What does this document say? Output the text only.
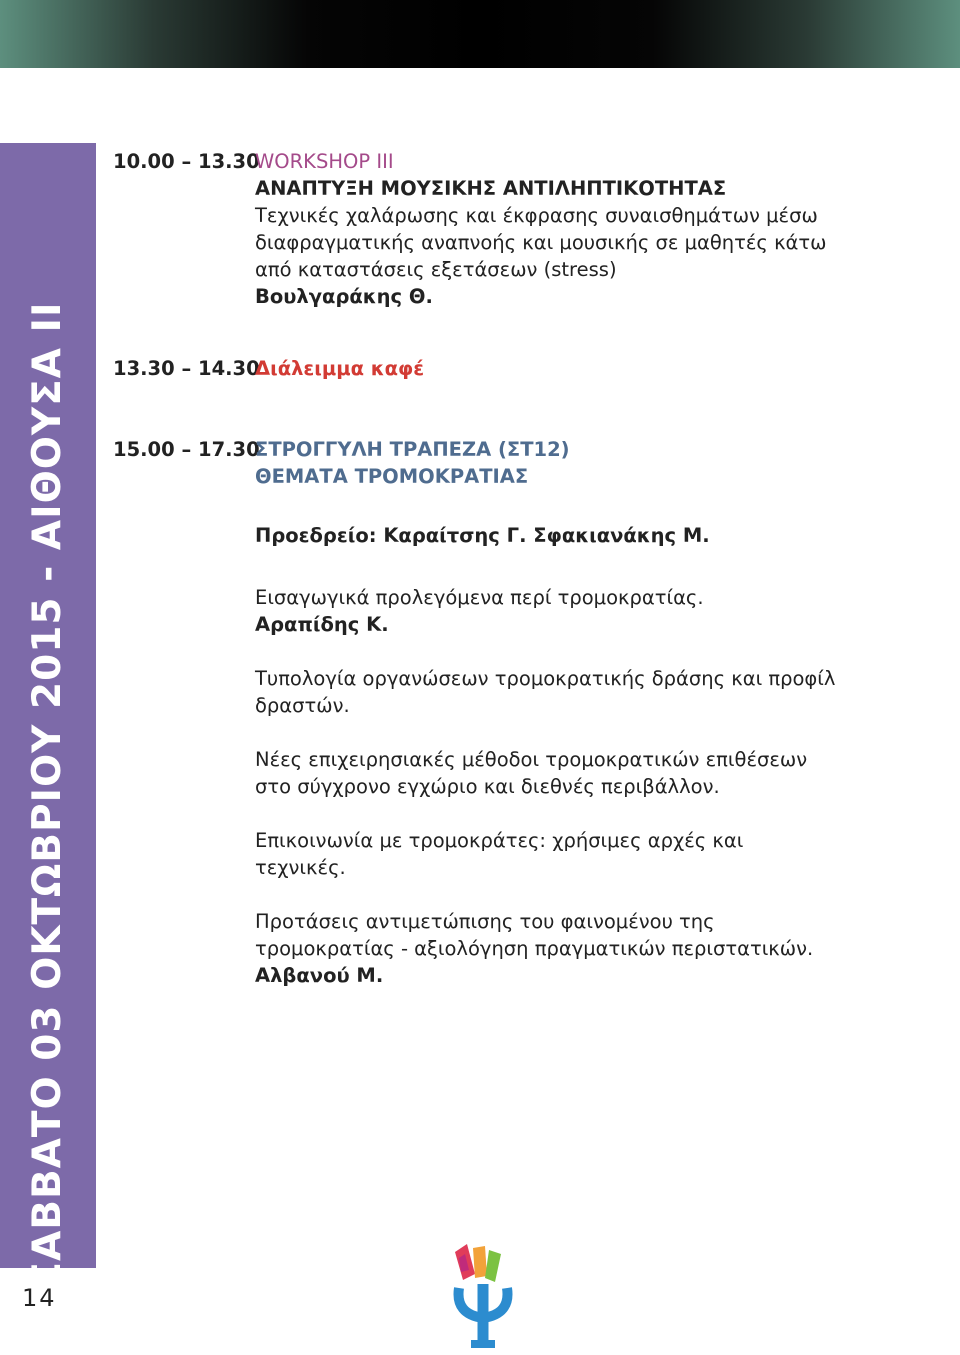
ΣΑΒΒΑΤΟ 03 ΟΚΤΩΒΡΙΟΥ 2015 - ΑΙΘΟΥΣΑ ΙΙ
14
10.00 – 13.30
WORKSHOP III
ΑΝΑΠΤΥΞΗ ΜΟΥΣΙΚΗΣ ΑΝΤΙΛΗΠΤΙΚΟΤΗΤΑΣ
Τεχνικές χαλάρωσης και έκφρασης συναισθημάτων μέσω διαφραγματικής αναπνοής και μουσικής σε μαθητές κάτω από καταστάσεις εξετάσεων (stress)
Βουλγαράκης Θ.
13.30 – 14.30
Διάλειμμα καφέ
15.00 – 17.30
ΣΤΡΟΓΓΥΛΗ ΤΡΑΠΕΖΑ (ΣΤ12)
ΘΕΜΑΤΑ ΤΡΟΜΟΚΡΑΤΙΑΣ
Προεδρείο: Καραίτσης Γ. Σφακιανάκης Μ.
Εισαγωγικά προλεγόμενα περί τρομοκρατίας.
Αραπίδης Κ.
Τυπολογία οργανώσεων τρομοκρατικής δράσης και προφίλ δραστών.
Νέες επιχειρησιακές μέθοδοι τρομοκρατικών επιθέσεων στο σύγχρονο εγχώριο και διεθνές περιβάλλον.
Επικοινωνία με τρομοκράτες: χρήσιμες αρχές και τεχνικές.
Προτάσεις αντιμετώπισης του φαινομένου της τρομοκρατίας - αξιολόγηση πραγματικών περιστατικών.
Αλβανού Μ.
